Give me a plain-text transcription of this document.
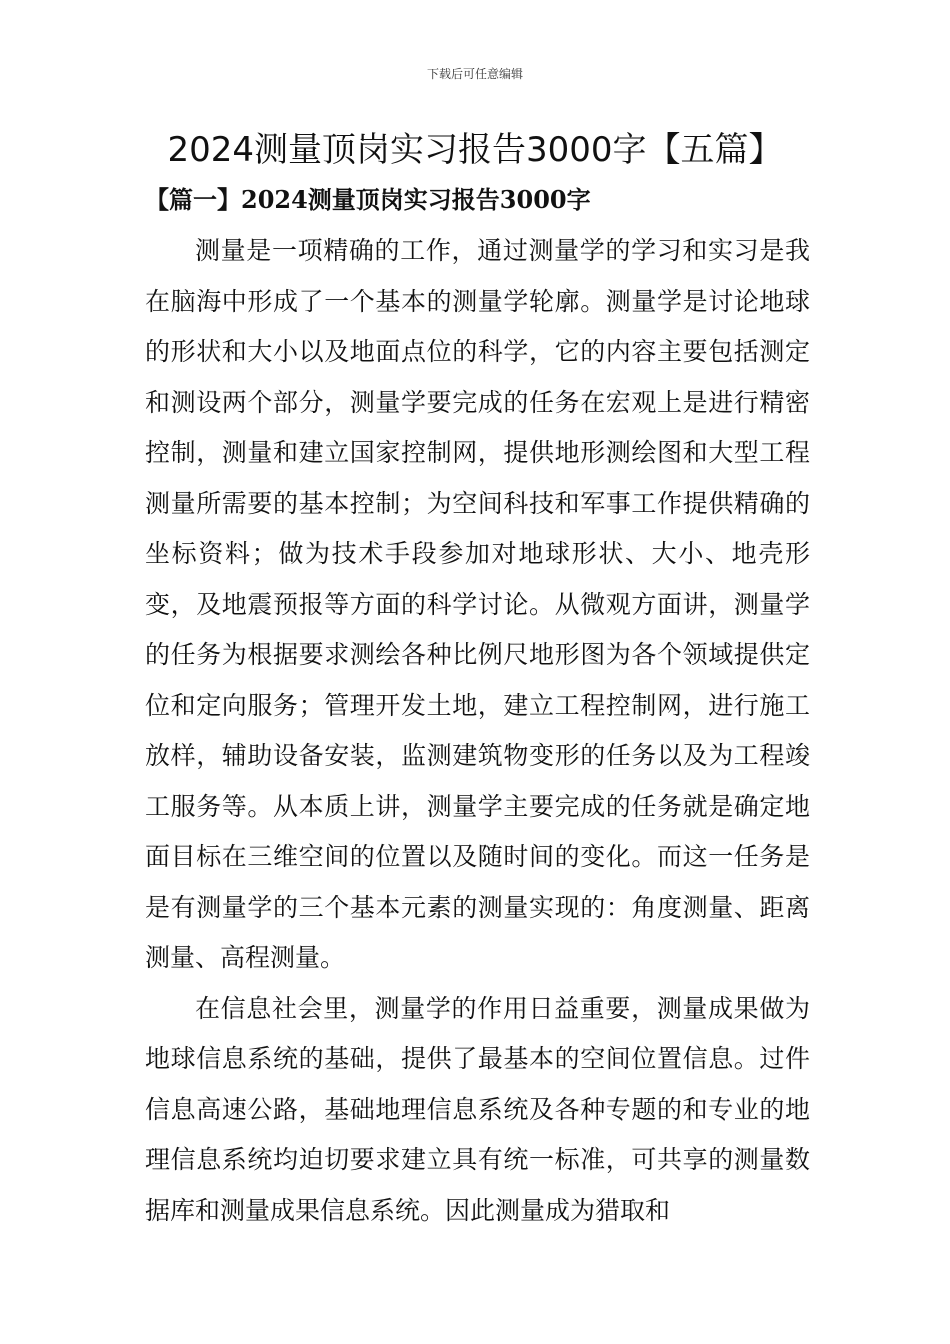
下载后可任意编辑
2024测量顶岗实习报告3000字【五篇】
【篇一】2024测量顶岗实习报告3000字

测量是一项精确的工作，通过测量学的学习和实习是我在脑海中形成了一个基本的测量学轮廓。测量学是讨论地球的形状和大小以及地面点位的科学，它的内容主要包括测定和测设两个部分，测量学要完成的任务在宏观上是进行精密控制，测量和建立国家控制网，提供地形测绘图和大型工程测量所需要的基本控制；为空间科技和军事工作提供精确的坐标资料；做为技术手段参加对地球形状、大小、地壳形变，及地震预报等方面的科学讨论。从微观方面讲，测量学的任务为根据要求测绘各种比例尺地形图为各个领域提供定位和定向服务；管理开发土地，建立工程控制网，进行施工放样，辅助设备安装，监测建筑物变形的任务以及为工程竣工服务等。从本质上讲，测量学主要完成的任务就是确定地面目标在三维空间的位置以及随时间的变化。而这一任务是是有测量学的三个基本元素的测量实现的：角度测量、距离测量、高程测量。

在信息社会里，测量学的作用日益重要，测量成果做为地球信息系统的基础，提供了最基本的空间位置信息。过件信息高速公路，基础地理信息系统及各种专题的和专业的地理信息系统均迫切要求建立具有统一标准，可共享的测量数据库和测量成果信息系统。因此测量成为猎取和
